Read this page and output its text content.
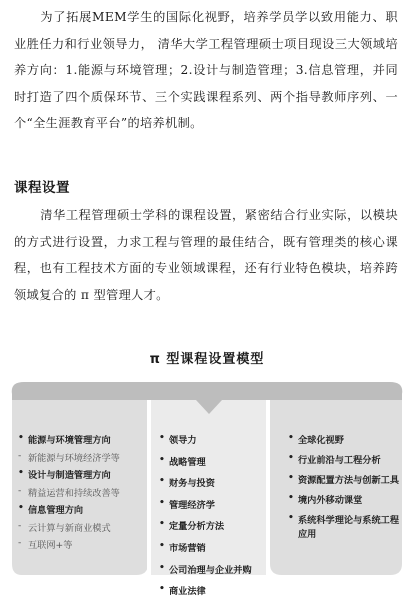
为了拓展MEM学生的国际化视野，培养学员学以致用能力、职业胜任力和行业领导力， 清华大学工程管理硕士项目现设三大领域培养方向：1.能源与环境管理；2.设计与制造管理；3.信息管理，并同时打造了四个质保环节、三个实践课程系列、两个指导教师序列、一个“全生涯教育平台”的培养机制。

课程设置

清华工程管理硕士学科的课程设置，紧密结合行业实际，以模块的方式进行设置，力求工程与管理的最佳结合，既有管理类的核心课程，也有工程技术方面的专业领域课程，还有行业特色模块，培养跨领域复合的 π 型管理人才。

π 型课程设置模型
• 能源与环境管理方向
- 新能源与环境经济学等
• 设计与制造管理方向
- 精益运营和持续改善等
• 信息管理方向
- 云计算与新商业模式
- 互联网+等
• 领导力
• 战略管理
• 财务与投资
• 管理经济学
• 定量分析方法
• 市场营销
• 公司治理与企业并购
• 商业法律
• 全球化视野
• 行业前沿与工程分析
• 资源配置方法与创新工具
• 境内外移动课堂
• 系统科学理论与系统工程应用
